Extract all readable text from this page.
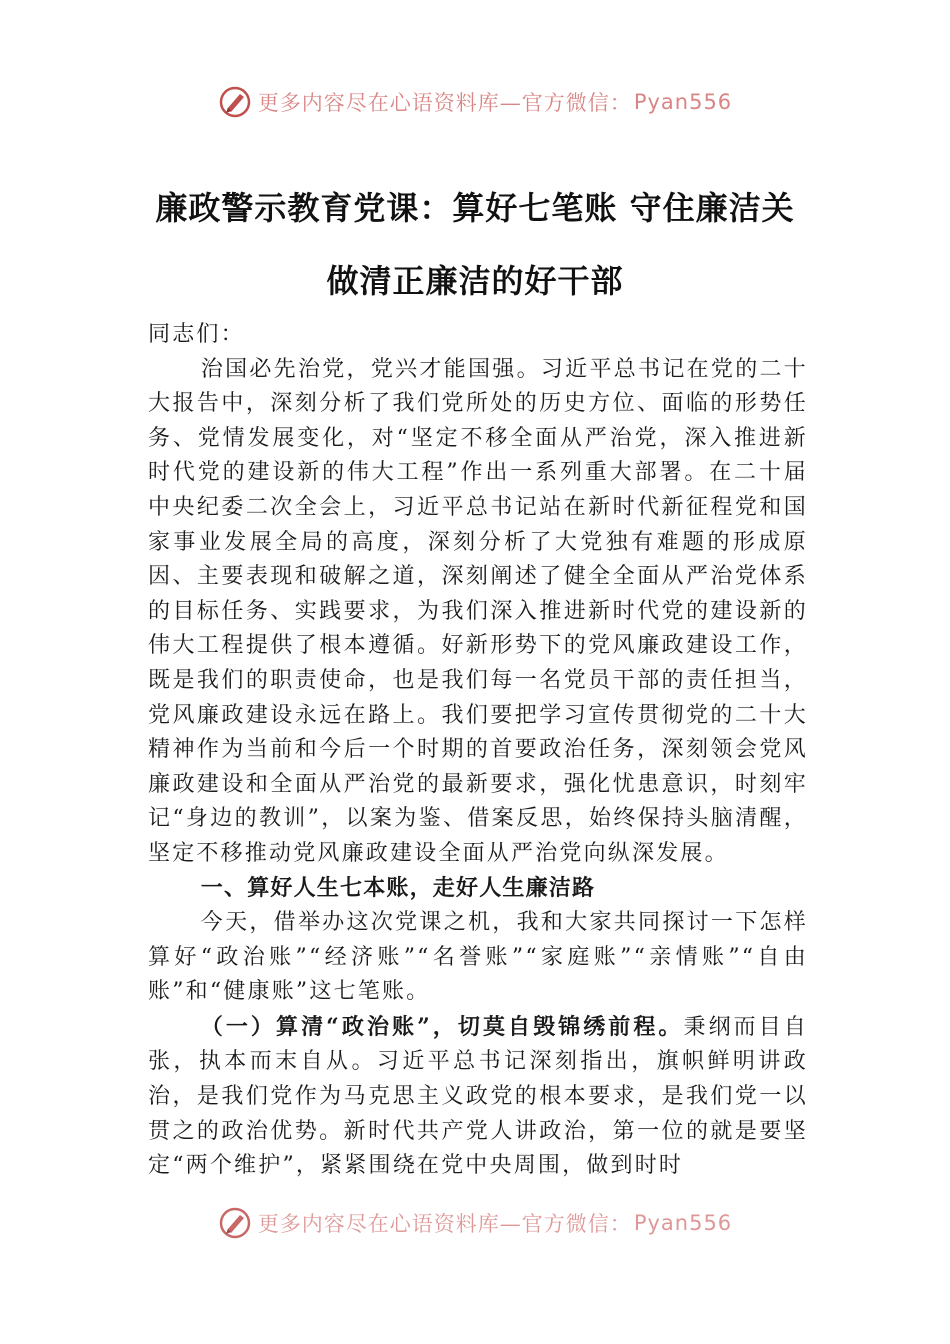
更多内容尽在心语资料库—官方微信： Pyan556
廉政警示教育党课：算好七笔账 守住廉洁关 做清正廉洁的好干部

同志们：

治国必先治党，党兴才能国强。习近平总书记在党的二十大报告中，深刻分析了我们党所处的历史方位、面临的形势任务、党情发展变化，对“坚定不移全面从严治党，深入推进新时代党的建设新的伟大工程”作出一系列重大部署。在二十届中央纪委二次全会上，习近平总书记站在新时代新征程党和国家事业发展全局的高度，深刻分析了大党独有难题的形成原因、主要表现和破解之道，深刻阐述了健全全面从严治党体系的目标任务、实践要求，为我们深入推进新时代党的建设新的伟大工程提供了根本遵循。好新形势下的党风廉政建设工作，既是我们的职责使命，也是我们每一名党员干部的责任担当，党风廉政建设永远在路上。我们要把学习宣传贯彻党的二十大精神作为当前和今后一个时期的首要政治任务，深刻领会党风廉政建设和全面从严治党的最新要求，强化忧患意识，时刻牢记“身边的教训”，以案为鉴、借案反思，始终保持头脑清醒，坚定不移推动党风廉政建设全面从严治党向纵深发展。

一、算好人生七本账，走好人生廉洁路

今天，借举办这次党课之机，我和大家共同探讨一下怎样算好“政治账”“经济账”“名誉账”“家庭账”“亲情账”“自由账”和“健康账”这七笔账。

（一）算清“政治账”，切莫自毁锦绣前程。秉纲而目自张，执本而末自从。习近平总书记深刻指出，旗帜鲜明讲政治，是我们党作为马克思主义政党的根本要求，是我们党一以贯之的政治优势。新时代共产党人讲政治，第一位的就是要坚定“两个维护”，紧紧围绕在党中央周围，做到时时

更多内容尽在心语资料库—官方微信： Pyan556
